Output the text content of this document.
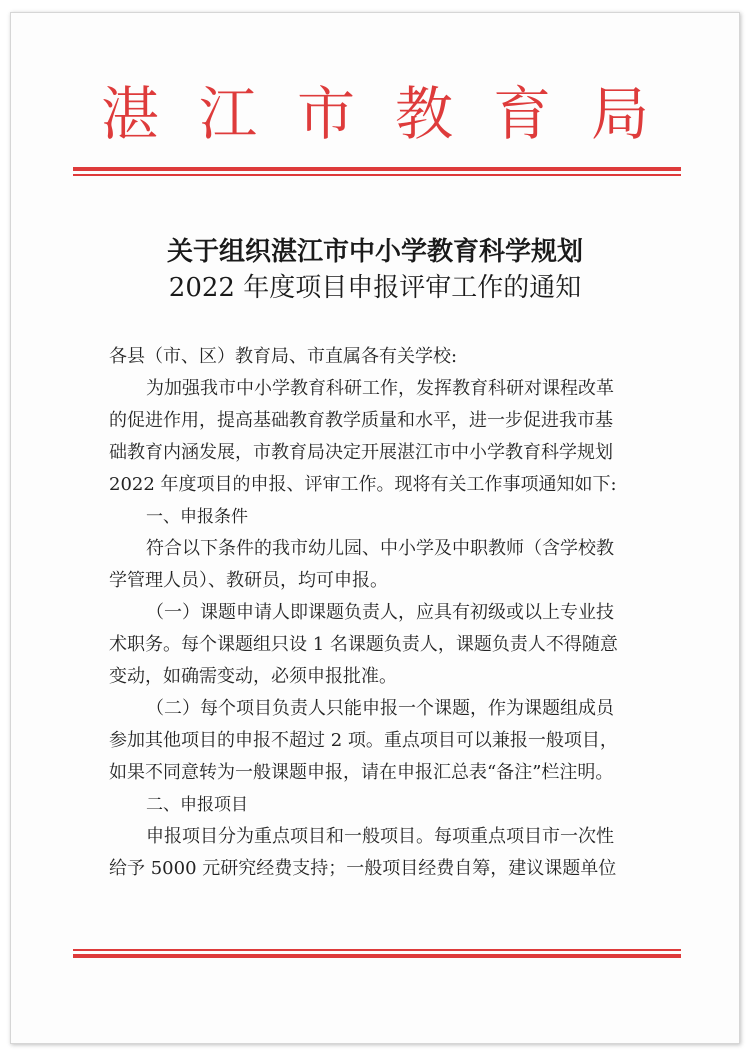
湛江市教育局
关于组织湛江市中小学教育科学规划
2022 年度项目申报评审工作的通知
各县（市、区）教育局、市直属各有关学校:
为加强我市中小学教育科研工作，发挥教育科研对课程改革
的促进作用，提高基础教育教学质量和水平，进一步促进我市基
础教育内涵发展，市教育局决定开展湛江市中小学教育科学规划
2022 年度项目的申报、评审工作。现将有关工作事项通知如下:
一、申报条件
符合以下条件的我市幼儿园、中小学及中职教师（含学校教
学管理人员）、教研员，均可申报。
（一）课题申请人即课题负责人，应具有初级或以上专业技
术职务。每个课题组只设 1 名课题负责人，课题负责人不得随意
变动，如确需变动，必须申报批准。
（二）每个项目负责人只能申报一个课题，作为课题组成员
参加其他项目的申报不超过 2 项。重点项目可以兼报一般项目，
如果不同意转为一般课题申报，请在申报汇总表“备注”栏注明。
二、申报项目
申报项目分为重点项目和一般项目。每项重点项目市一次性
给予 5000 元研究经费支持；一般项目经费自筹，建议课题单位
